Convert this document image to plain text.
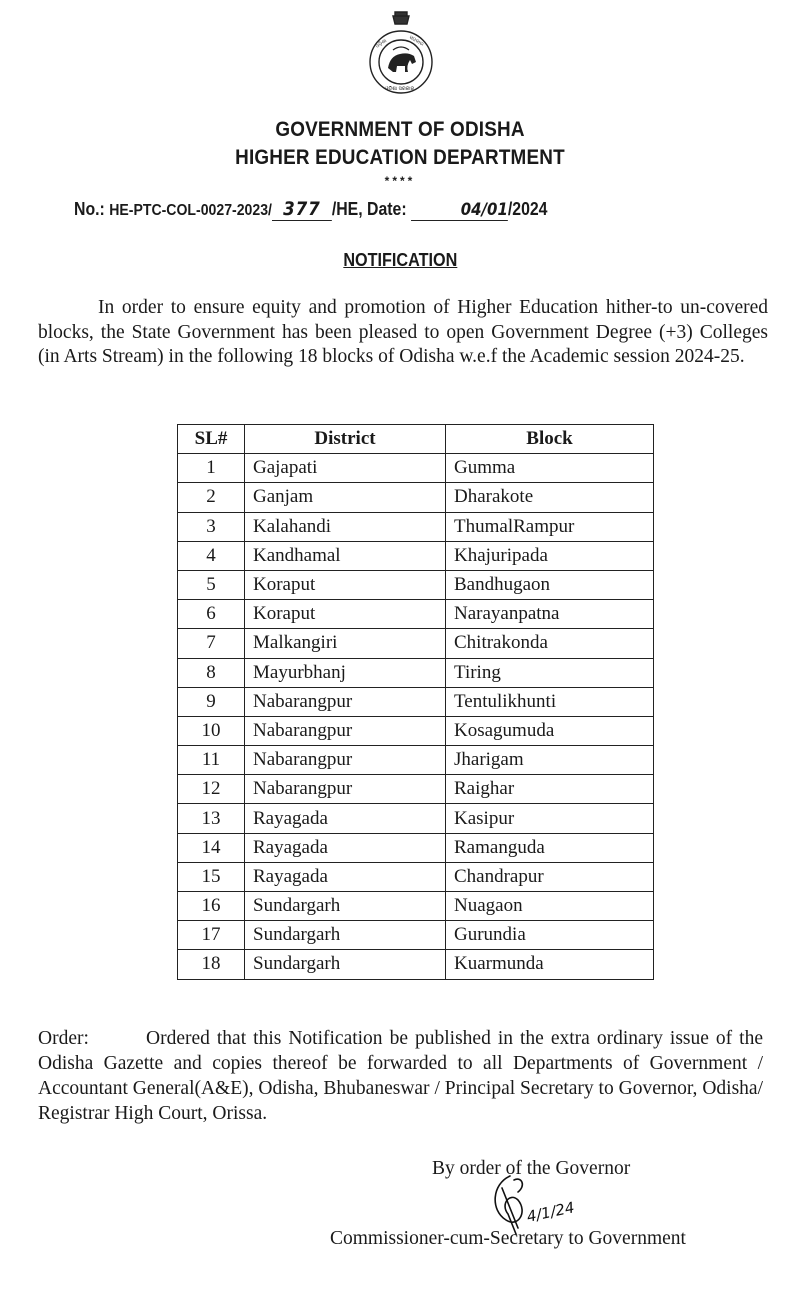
ଓଡ଼ିଶା	ସରକାର
ଓଡ଼ିଶା ସରକାର
GOVERNMENT OF ODISHA
HIGHER EDUCATION DEPARTMENT
****
No.: HE-PTC-COL-0027-2023/ 377 /HE, Date:	04/01/2024
NOTIFICATION
In order to ensure equity and promotion of Higher Education hither-to un-covered blocks, the State Government has been pleased to open Government Degree (+3) Colleges (in Arts Stream) in the following 18 blocks of Odisha w.e.f the Academic session 2024-25.
SL#	District	Block
1	Gajapati	Gumma
2	Ganjam	Dharakote
3	Kalahandi	ThumalRampur
4	Kandhamal	Khajuripada
5	Koraput	Bandhugaon
6	Koraput	Narayanpatna
7	Malkangiri	Chitrakonda
8	Mayurbhanj	Tiring
9	Nabarangpur	Tentulikhunti
10	Nabarangpur	Kosagumuda
11	Nabarangpur	Jharigam
12	Nabarangpur	Raighar
13	Rayagada	Kasipur
14	Rayagada	Ramanguda
15	Rayagada	Chandrapur
16	Sundargarh	Nuagaon
17	Sundargarh	Gurundia
18	Sundargarh	Kuarmunda
Order:	Ordered that this Notification be published in the extra ordinary issue of the Odisha Gazette and copies thereof be forwarded to all Departments of Government / Accountant General(A&E), Odisha, Bhubaneswar / Principal Secretary to Governor, Odisha/ Registrar High Court, Orissa.
By order of the Governor
4/1/24
Commissioner-cum-Secretary to Government
